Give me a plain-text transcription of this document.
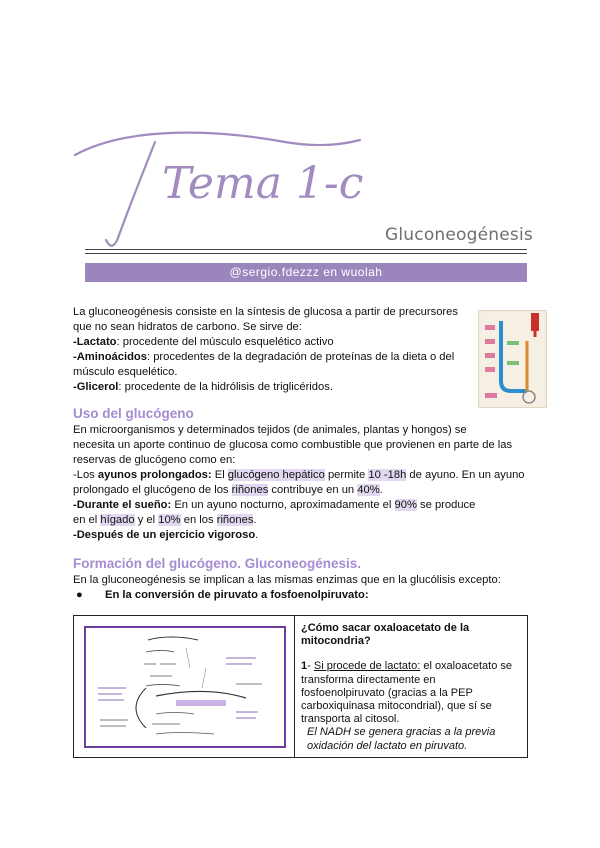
Tema 1-c
Gluconeogénesis
@sergio.fdezzz en wuolah
La gluconeogénesis consiste en la síntesis de glucosa a partir de precursores
que no sean hidratos de carbono. Se sirve de:
-Lactato: procedente del músculo esquelético activo
-Aminoácidos: procedentes de la degradación de proteínas de la dieta o del
músculo esquelético.
-Glicerol: procedente de la hidrólisis de triglicéridos.
Uso del glucógeno
En microorganismos y determinados tejidos (de animales, plantas y hongos) se
necesita un aporte continuo de glucosa como combustible que provienen en parte de las
reservas de glucógeno como en:
-Los ayunos prolongados: El glucógeno hepático permite 10 -18h de ayuno. En un ayuno
prolongado el glucógeno de los riñones contribuye en un 40%.
-Durante el sueño: En un ayuno nocturno, aproximadamente el 90% se produce
en el hígado y el 10% en los riñones.
-Después de un ejercicio vigoroso.
Formación del glucógeno. Gluconeogénesis.
En la gluconeogénesis se implican a las mismas enzimas que en la glucólisis excepto:
● En la conversión de piruvato a fosfoenolpiruvato:

¿Cómo sacar oxaloacetato de la
mitocondria?
1- Si procede de lactato: el oxaloacetato se
transforma directamente en
fosfoenolpiruvato (gracias a la PEP
carboxiquinasa mitocondrial), que sí se
transporta al citosol.
El NADH se genera gracias a la previa
oxidación del lactato en piruvato.
